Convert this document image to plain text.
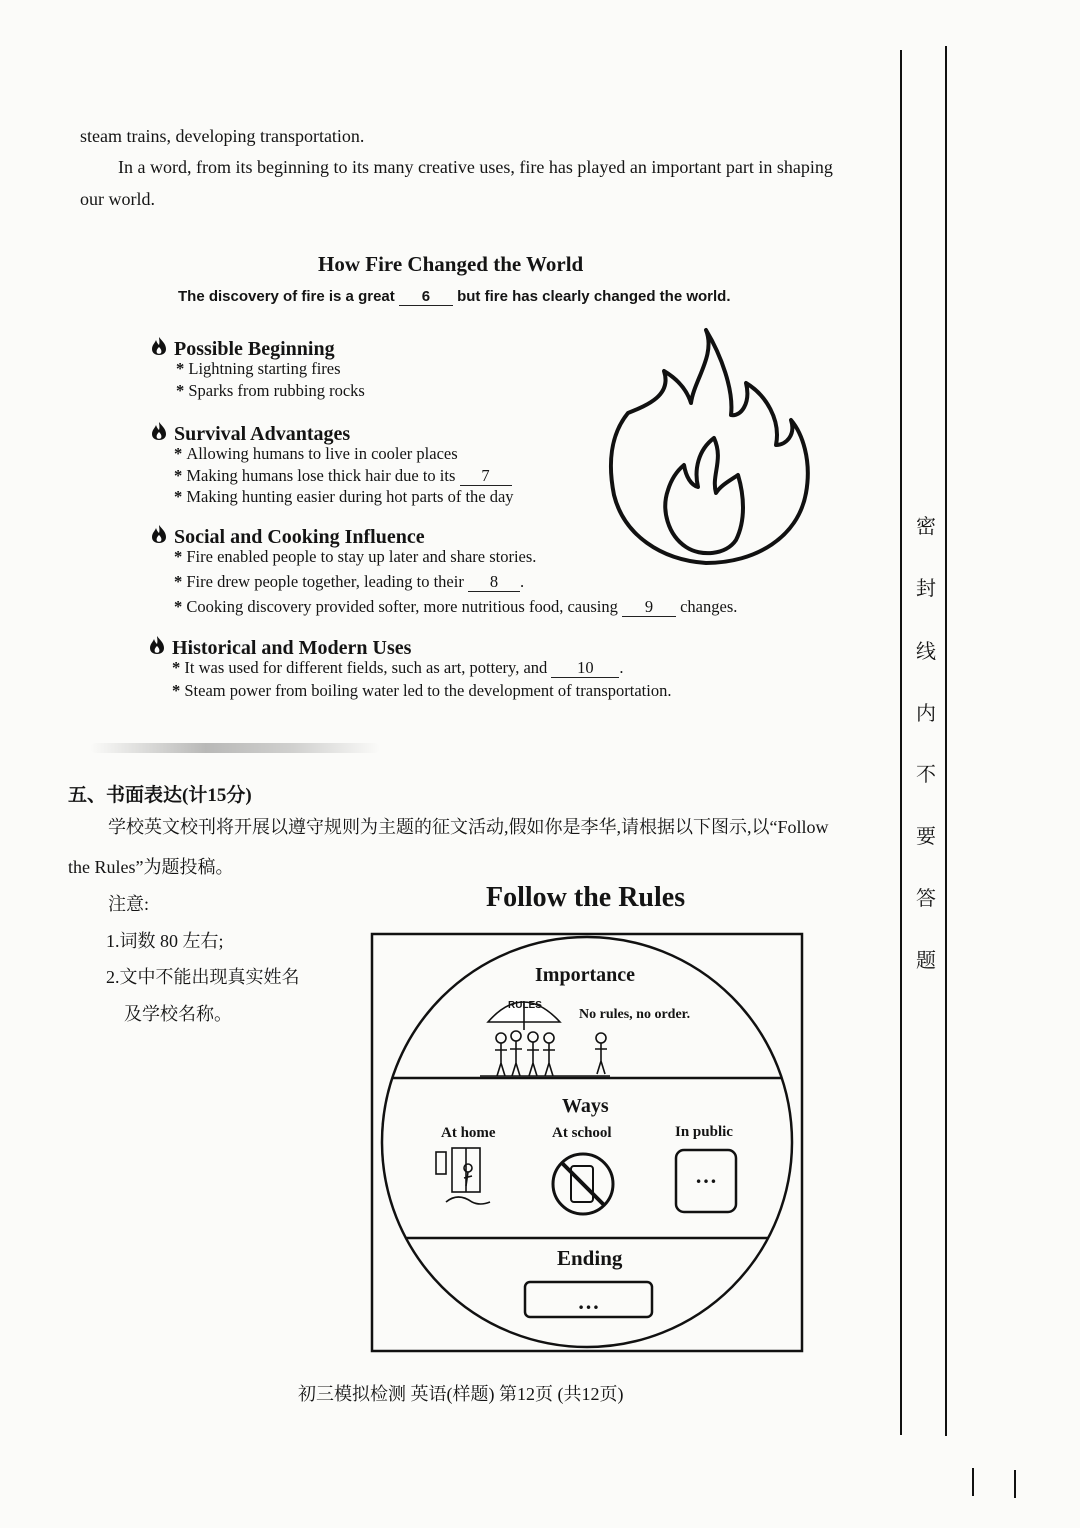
密
封
线
内
不
要
答
题
steam trains, developing transportation.
In a word, from its beginning to its many creative uses, fire has played an important part in shaping
our world.
How Fire Changed the World
The discovery of fire is a great 6 but fire has clearly changed the world.
Possible Beginning
* Lightning starting fires
* Sparks from rubbing rocks
Survival Advantages
* Allowing humans to live in cooler places
* Making humans lose thick hair due to its 7
* Making hunting easier during hot parts of the day
Social and Cooking Influence
* Fire enabled people to stay up later and share stories.
* Fire drew people together, leading to their 8 .
* Cooking discovery provided softer, more nutritious food, causing 9 changes.
Historical and Modern Uses
* It was used for different fields, such as art, pottery, and 10 .
* Steam power from boiling water led to the development of transportation.
五、书面表达(计15分)
学校英文校刊将开展以遵守规则为主题的征文活动,假如你是李华,请根据以下图示,以“Follow
the Rules”为题投稿。
注意:
1.词数 80 左右;
2.文中不能出现真实姓名
及学校名称。
Follow the Rules
Importance
RULES
No rules, no order.
Ways
At home	At school	In public
…
Ending
…
初三模拟检测 英语(样题) 第12页 (共12页)
